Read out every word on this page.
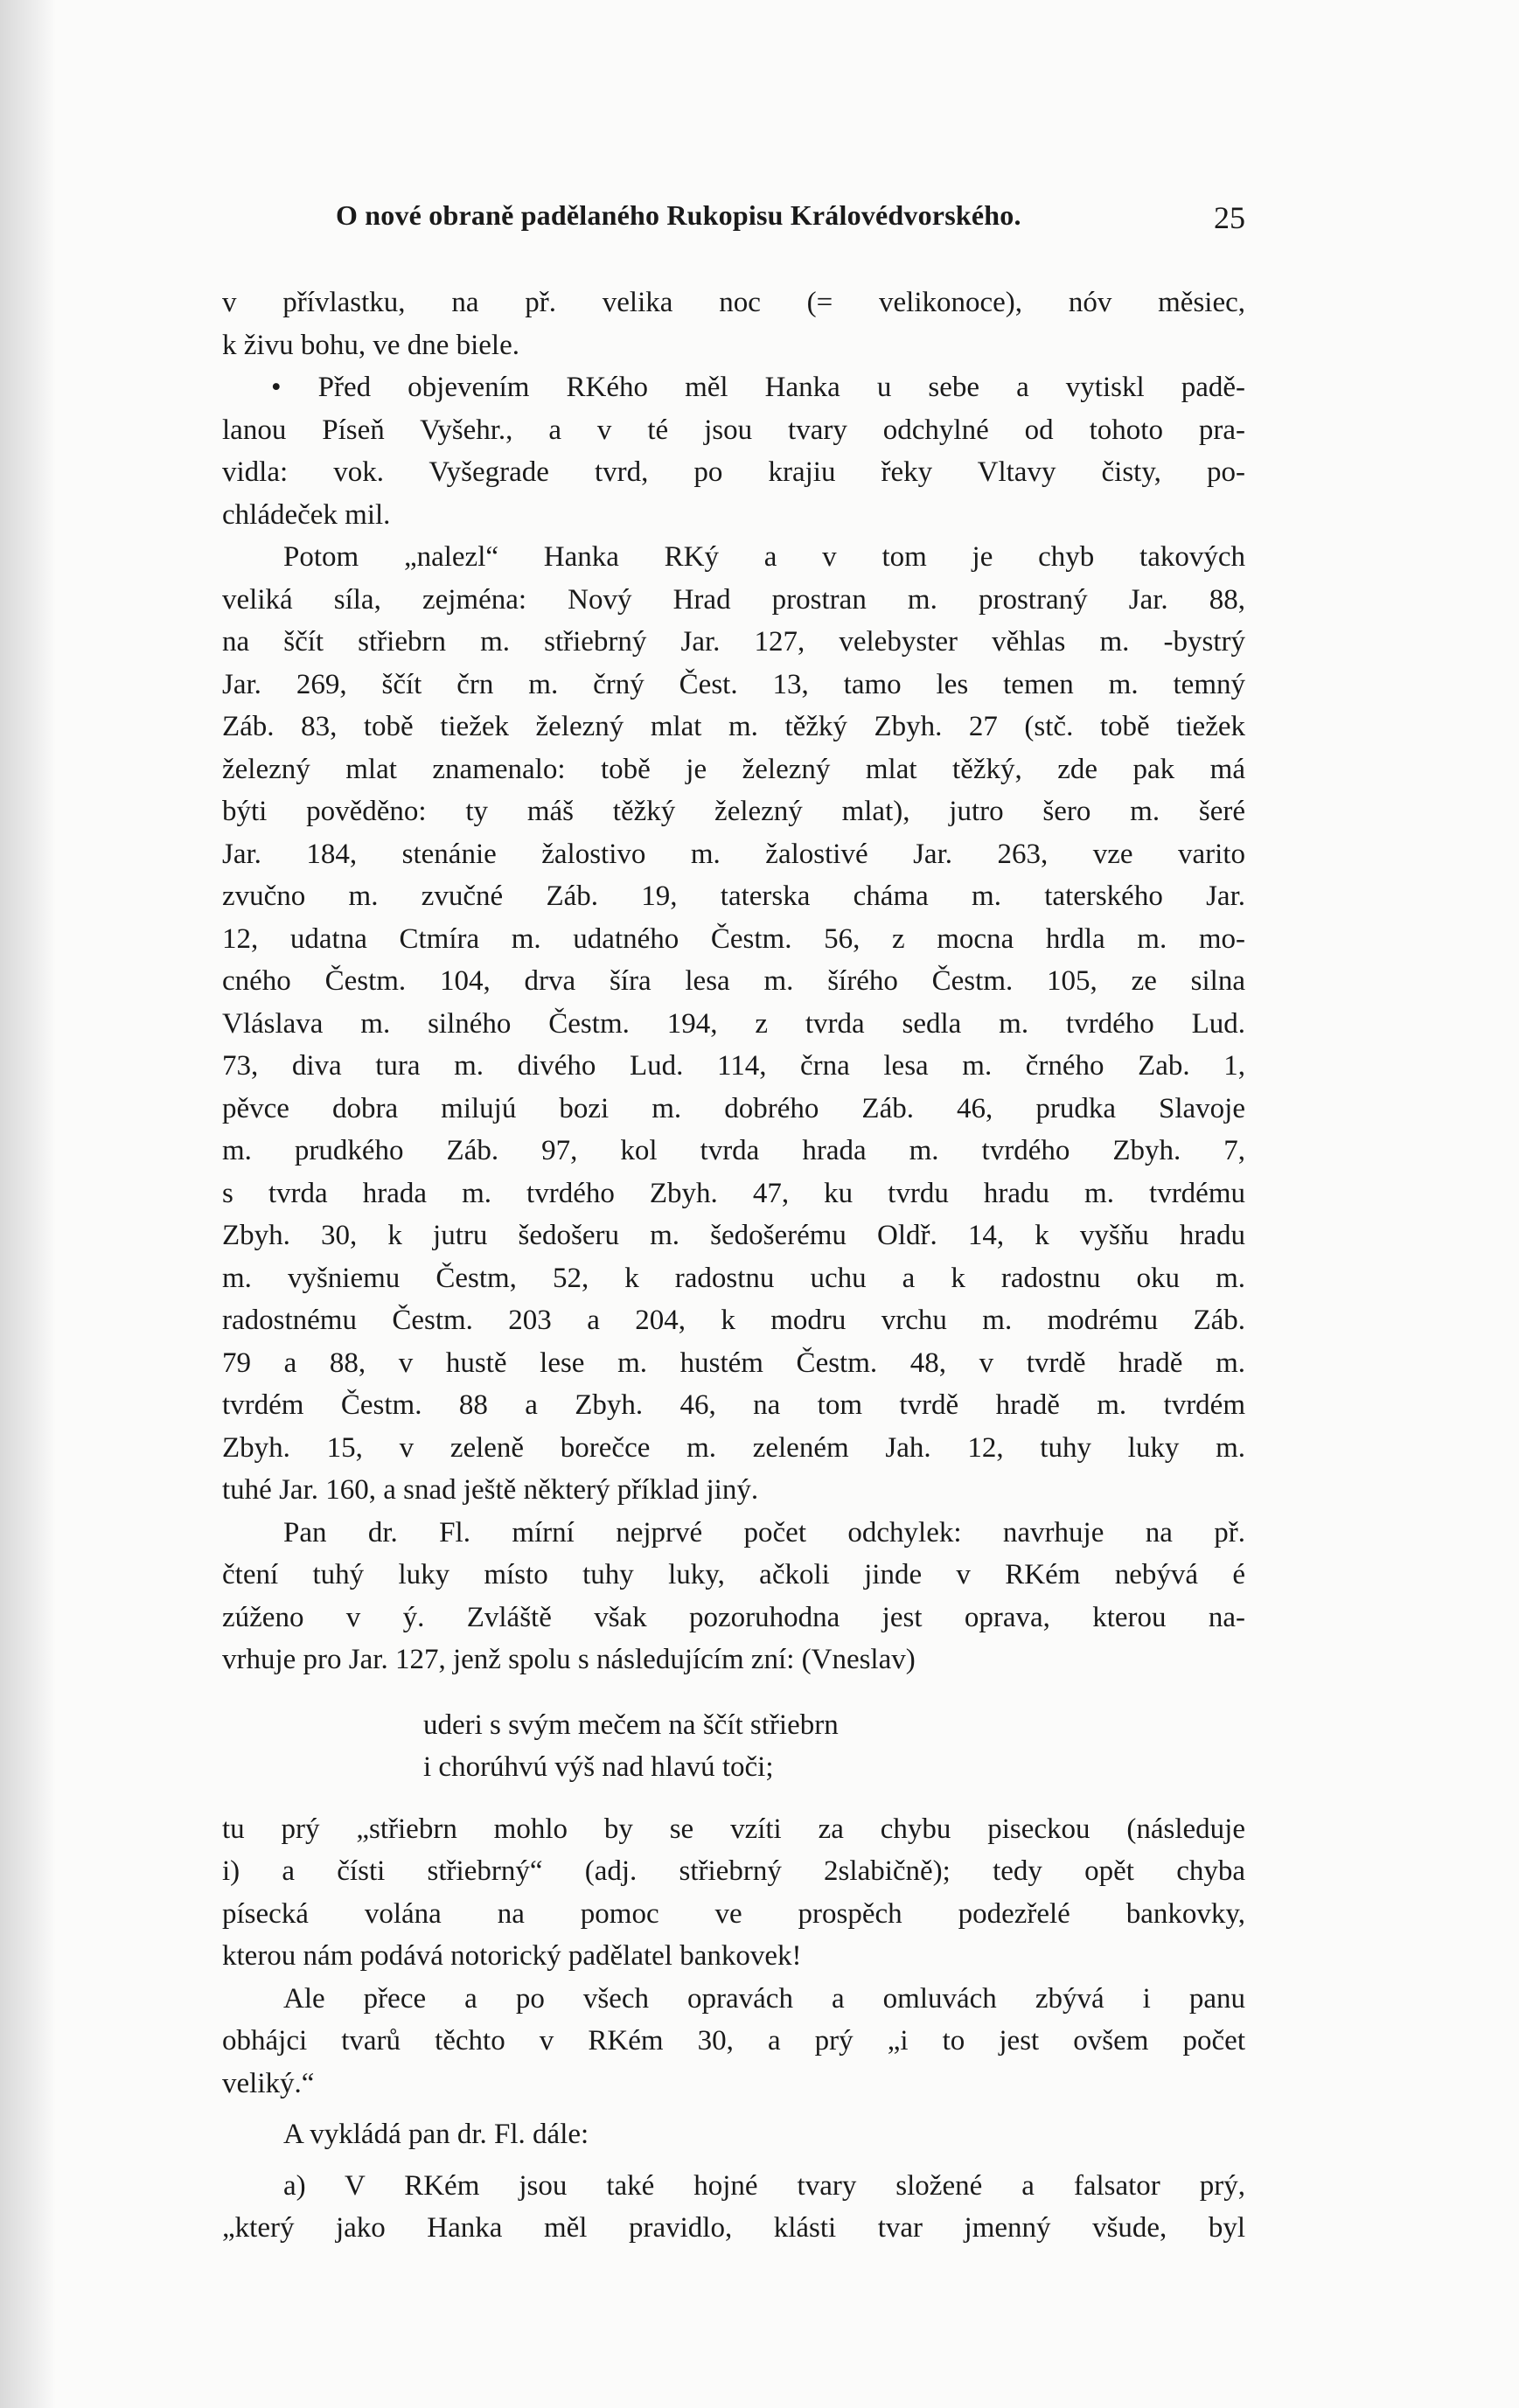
O nové obraně padělaného Rukopisu Královédvorského.	25

v přívlastku, na př. velika noc (= velikonoce), nóv měsiec,

k živu bohu, ve dne biele.

• Před objevením RKého měl Hanka u sebe a vytiskl padě-

lanou Píseň Vyšehr., a v té jsou tvary odchylné od tohoto pra-

vidla: vok. Vyšegrade tvrd, po krajiu řeky Vltavy čisty, po-

chládeček mil.

Potom „nalezl“ Hanka RKý a v tom je chyb takových

veliká síla, zejména: Nový Hrad prostran m. prostraný Jar. 88,

na ščít střiebrn m. střiebrný Jar. 127, velebyster věhlas m. -bystrý

Jar. 269, ščít črn m. črný Čest. 13, tamo les temen m. temný

Záb. 83, tobě tiežek železný mlat m. těžký Zbyh. 27 (stč. tobě tiežek

železný mlat znamenalo: tobě je železný mlat těžký, zde pak má

býti pověděno: ty máš těžký železný mlat), jutro šero m. šeré

Jar. 184, stenánie žalostivo m. žalostivé Jar. 263, vze varito

zvučno m. zvučné Záb. 19, taterska cháma m. taterského Jar.

12, udatna Ctmíra m. udatného Čestm. 56, z mocna hrdla m. mo-

cného Čestm. 104, drva šíra lesa m. šírého Čestm. 105, ze silna

Vláslava m. silného Čestm. 194, z tvrda sedla m. tvrdého Lud.

73, diva tura m. divého Lud. 114, črna lesa m. črného Zab. 1,

pěvce dobra milujú bozi m. dobrého Záb. 46, prudka Slavoje

m. prudkého Záb. 97, kol tvrda hrada m. tvrdého Zbyh. 7,

s tvrda hrada m. tvrdého Zbyh. 47, ku tvrdu hradu m. tvrdému

Zbyh. 30, k jutru šedošeru m. šedošerému Oldř. 14, k vyšňu hradu

m. vyšniemu Čestm, 52, k radostnu uchu a k radostnu oku m.

radostnému Čestm. 203 a 204, k modru vrchu m. modrému Záb.

79 a 88, v hustě lese m. hustém Čestm. 48, v tvrdě hradě m.

tvrdém Čestm. 88 a Zbyh. 46, na tom tvrdě hradě m. tvrdém

Zbyh. 15, v zeleně borečce m. zeleném Jah. 12, tuhy luky m.

tuhé Jar. 160, a snad ještě některý příklad jiný.

Pan dr. Fl. mírní nejprvé počet odchylek: navrhuje na př.

čtení tuhý luky místo tuhy luky, ačkoli jinde v RKém nebývá é

zúženo v ý. Zvláště však pozoruhodna jest oprava, kterou na-

vrhuje pro Jar. 127, jenž spolu s následujícím zní: (Vneslav)

uderi s svým mečem na ščít střiebrn

i chorúhvú výš nad hlavú toči;

tu prý „střiebrn mohlo by se vzíti za chybu piseckou (následuje

i) a čísti střiebrný“ (adj. střiebrný 2slabičně); tedy opět chyba

písecká volána na pomoc ve prospěch podezřelé bankovky,

kterou nám podává notorický padělatel bankovek!

Ale přece a po všech opravách a omluvách zbývá i panu

obhájci tvarů těchto v RKém 30, a prý „i to jest ovšem počet

veliký.“

A vykládá pan dr. Fl. dále:

a) V RKém jsou také hojné tvary složené a falsator prý,

„který jako Hanka měl pravidlo, klásti tvar jmenný všude, byl
